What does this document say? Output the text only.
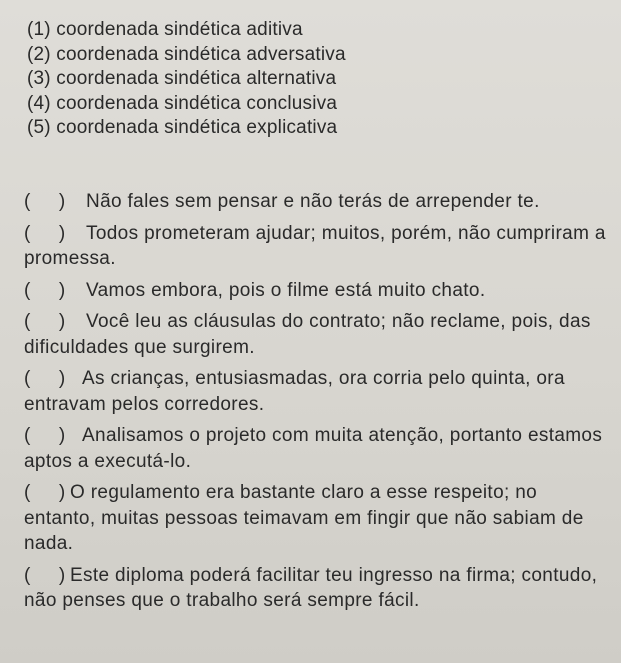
(1) coordenada sindética aditiva
(2) coordenada sindética adversativa
(3) coordenada sindética alternativa
(4) coordenada sindética conclusiva
(5) coordenada sindética explicativa
(     ) Não fales sem pensar e não terás de arrepender te.
(     ) Todos prometeram ajudar; muitos, porém, não cumpriram a promessa.
(     ) Vamos embora, pois o filme está muito chato.
(     ) Você leu as cláusulas do contrato; não reclame, pois, das dificuldades que surgirem.
(     ) As crianças, entusiasmadas, ora corria pelo quinta, ora entravam pelos corredores.
(     ) Analisamos o projeto com muita atenção, portanto estamos aptos a executá-lo.
(     ) O regulamento era bastante claro a esse respeito; no entanto, muitas pessoas teimavam em fingir que não sabiam de nada.
(     ) Este diploma poderá facilitar teu ingresso na firma; contudo, não penses que o trabalho será sempre fácil.
